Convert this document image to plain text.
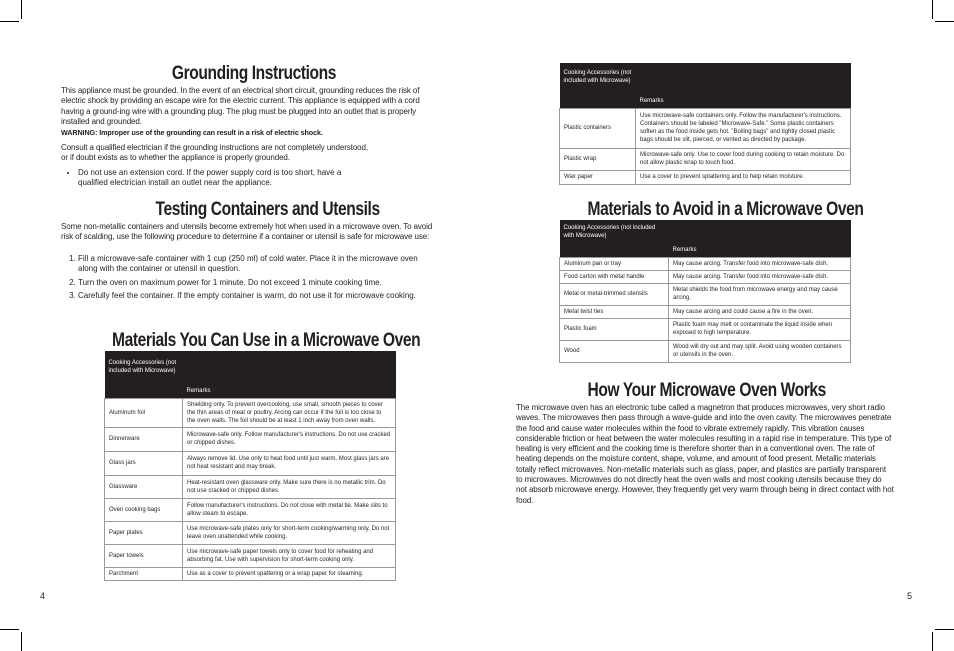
Grounding Instructions

This appliance must be grounded. In the event of an electrical short circuit, grounding reduces the risk of electric shock by providing an escape wire for the electric current. This appliance is equipped with a cord having a ground-ing wire with a grounding plug. The plug must be plugged into an outlet that is properly installed and grounded.

WARNING: Improper use of the grounding can result in a risk of electric shock.

Consult a qualified electrician if the grounding instructions are not completely understood, or if doubt exists as to whether the appliance is properly grounded.

• Do not use an extension cord. If the power supply cord is too short, have a qualified electrician install an outlet near the appliance.
Testing Containers and Utensils

Some non-metallic containers and utensils become extremely hot when used in a microwave oven. To avoid risk of scalding, use the following procedure to determine if a container or utensil is safe for microwave use:

1. Fill a microwave-safe container with 1 cup (250 ml) of cold water. Place it in the microwave oven along with the container or utensil in question.
2. Turn the oven on maximum power for 1 minute. Do not exceed 1 minute cooking time.
3. Carefully feel the container. If the empty container is warm, do not use it for microwave cooking.
Materials You Can Use in a Microwave Oven
Cooking Accessories (not included with Microwave)	Remarks
Aluminum foil	Shielding only. To prevent overcooking, use small, smooth pieces to cover the thin areas of meat or poultry. Arcing can occur if the foil is too close to the oven walls. The foil should be at least 1 inch away from oven walls.
Dinnerware	Microwave-safe only. Follow manufacturer's instructions. Do not use cracked or chipped dishes.
Glass jars	Always remove lid. Use only to heat food until just warm. Most glass jars are not heat resistant and may break.
Glassware	Heat-resistant oven glassware only. Make sure there is no metallic trim. Do not use cracked or chipped dishes.
Oven cooking bags	Follow manufacturer's instructions. Do not close with metal tie. Make slits to allow steam to escape.
Paper plates	Use microwave-safe plates only for short-term cooking/warming only. Do not leave oven unattended while cooking.
Paper towels	Use microwave-safe paper towels only to cover food for reheating and absorbing fat. Use with supervision for short-term cooking only.
Parchment	Use as a cover to prevent spattering or a wrap paper for steaming.
4
Cooking Accessories (not included with Microwave)	Remarks
Plastic containers	Use microwave-safe containers only. Follow the manufacturer's instructions. Containers should be labeled "Microwave-Safe." Some plastic containers soften as the food inside gets hot. "Boiling bags" and tightly closed plastic bags should be slit, pierced, or vented as directed by package.
Plastic wrap	Microwave-safe only. Use to cover food during cooking to retain moisture. Do not allow plastic wrap to touch food.
Wax paper	Use a cover to prevent splattering and to help retain moisture.
Materials to Avoid in a Microwave Oven
Cooking Accessories (not included with Microwave)	Remarks
Aluminum pan or tray	May cause arcing. Transfer food into microwave-safe dish.
Food carton with metal handle	May cause arcing. Transfer food into microwave-safe dish.
Metal or metal-trimmed utensils	Metal shields the food from microwave energy and may cause arcing.
Metal twist ties	May cause arcing and could cause a fire in the oven.
Plastic foam	Plastic foam may melt or contaminate the liquid inside when exposed to high temperature.
Wood	Wood will dry out and may split. Avoid using wooden containers or utensils in the oven.
How Your Microwave Oven Works

The microwave oven has an electronic tube called a magnetron that produces microwaves, very short radio waves. The microwaves then pass through a wave-guide and into the oven cavity. The microwaves penetrate the food and cause water molecules within the food to vibrate extremely rapidly. This vibration causes considerable friction or heat between the water molecules resulting in a rapid rise in temperature. This type of heating is very efficient and the cooking time is therefore shorter than in a conventional oven. The rate of heating depends on the moisture content, shape, volume, and amount of food present. Metallic materials totally reflect microwaves. Non-metallic materials such as glass, paper, and plastics are partially transparent to microwaves. Microwaves do not directly heat the oven walls and most cooking utensils because they do not absorb microwave energy. However, they frequently get very warm through being in direct contact with hot food.

5
